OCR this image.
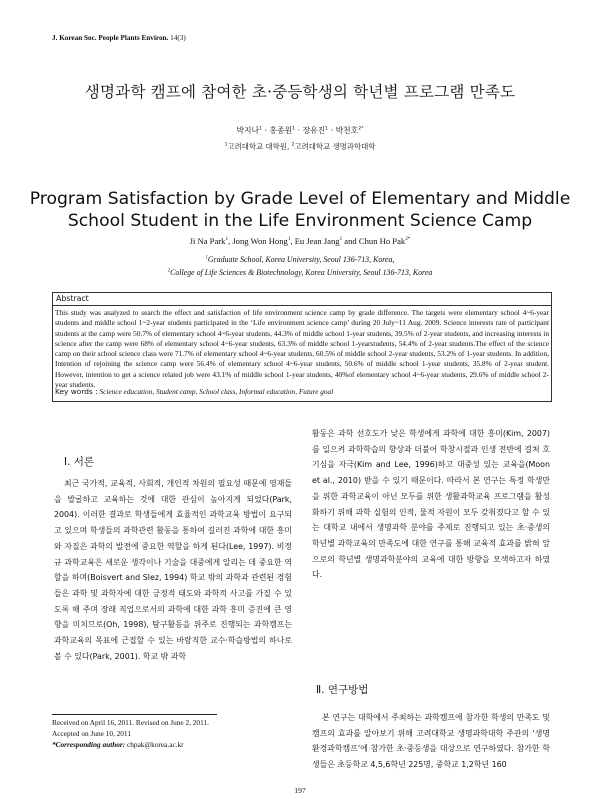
J. Korean Soc. People Plants Environ. 14(3)
생명과학 캠프에 참여한 초·중등학생의 학년별 프로그램 만족도
박지나$^1$ · 홍종원$^1$ · 장유진$^1$ · 박천호$^{2*}$
$^1$고려대학교 대학원, $^2$고려대학교 생명과학대학
Program Satisfaction by Grade Level of Elementary and Middle School Student in the Life Environment Science Camp
Ji Na Park$^1$, Jong Won Hong$^1$, Eu Jean Jang$^1$ and Chun Ho Pak$^{2*}$
$^1$Graduate School, Korea University, Seoul 136-713, Korea,
$^2$College of Life Sciences & Biotechnology, Korea University, Seoul 136-713, Korea
Abstract
This study was analyzed to search the effect and satisfaction of life environment science camp by grade difference. The targets were elementary school 4~6-year students and middle school 1~2-year students participated in the ‘Life environment science camp’ during 20 July~11 Aug. 2009. Science interests rate of participant students at the camp were 50.7% of elementary school 4~6-year students, 44.3% of middle school 1-year students, 39.5% of 2-year students, and increasing interests in science after the camp were 68% of elementary school 4~6-year students, 63.3% of middle school 1-yearstudents, 54.4% of 2-year students.The effect of the science camp on their school science class were 71.7% of elementary school 4~6-year students, 60.5% of middle school 2-year students, 53.2% of 1-year students. In addition, Intention of rejoining the science camp were 56.4% of elementary school 4~6-year students, 50.6% of middle school 1-year students, 35.8% of 2-year student. However, intention to get a science related job were 43.1% of middle school 1-year students, 40%of elementary school 4~6-year students, 29.6% of middle school 2-year students.
Key words : Science education, Student camp, School class, Informal education, Future goal
Ⅰ. 서론

최근 국가적, 교육적, 사회적, 개인적 차원의 필요성 때문에 영재들을 발굴하고 교육하는 것에 대한 관심이 높아지게 되었다(Park, 2004). 이러한 결과로 학생들에게 효율적인 과학교육 방법이 요구되고 있으며 학생들의 과학관련 활동을 통하여 길러진 과학에 대한 흥미와 자질은 과학의 발전에 중요한 역할을 하게 된다(Lee, 1997). 비정규 과학교육은 새로운 생각이나 기술을 대중에게 알리는 데 중요한 역할을 하며(Boisvert and Slez, 1994) 학교 밖의 과학과 관련된 경험들은 과학 및 과학자에 대한 긍정적 태도와 과학적 사고를 가질 수 있도록 해 주며 장래 직업으로서의 과학에 대한 과학 흥미 증진에 큰 영향을 미치므로(Oh, 1998), 탐구활동을 위주로 진행되는 과학캠프는 과학교육의 목표에 근접할 수 있는 바람직한 교수·학습방법의 하나로 볼 수 있다(Park, 2001). 학교 밖 과학

활동은 과학 선호도가 낮은 학생에게 과학에 대한 흥미(Kim, 2007)를 일으켜 과학학습의 향상과 더불어 학창시절과 인생 전반에 걸쳐 호기심을 자극(Kim and Lee, 1996)하고 대중성 있는 교육을(Moon et al., 2010) 받을 수 있기 때문이다. 따라서 본 연구는 특정 학생만을 위한 과학교육이 아닌 모두를 위한 생활과학교육 프로그램을 활성화하기 위해 과학 실험의 인적, 물적 자원이 모두 갖춰졌다고 할 수 있는 대학교 내에서 생명과학 분야를 주제로 진행되고 있는 초·중생의 학년별 과학교육의 만족도에 대한 연구를 통해 교육적 효과를 밝혀 앞으로의 학년별 생명과학분야의 교육에 대한 방향을 모색하고자 하였다.

Ⅱ. 연구방법

본 연구는 대학에서 주최하는 과학캠프에 참가한 학생의 만족도 및 캠프의 효과를 알아보기 위해 고려대학교 생명과학대학 주관의 ‘생명환경과학캠프’에 참가한 초·중등생을 대상으로 연구하였다. 참가한 학생들은 초등학교 4,5,6학년 225명, 중학교 1,2학년 160

Received on April 16, 2011. Revised on June 2, 2011.
Accepted on June 10, 2011
*Corresponding author: chpak@korea.ac.kr
197
